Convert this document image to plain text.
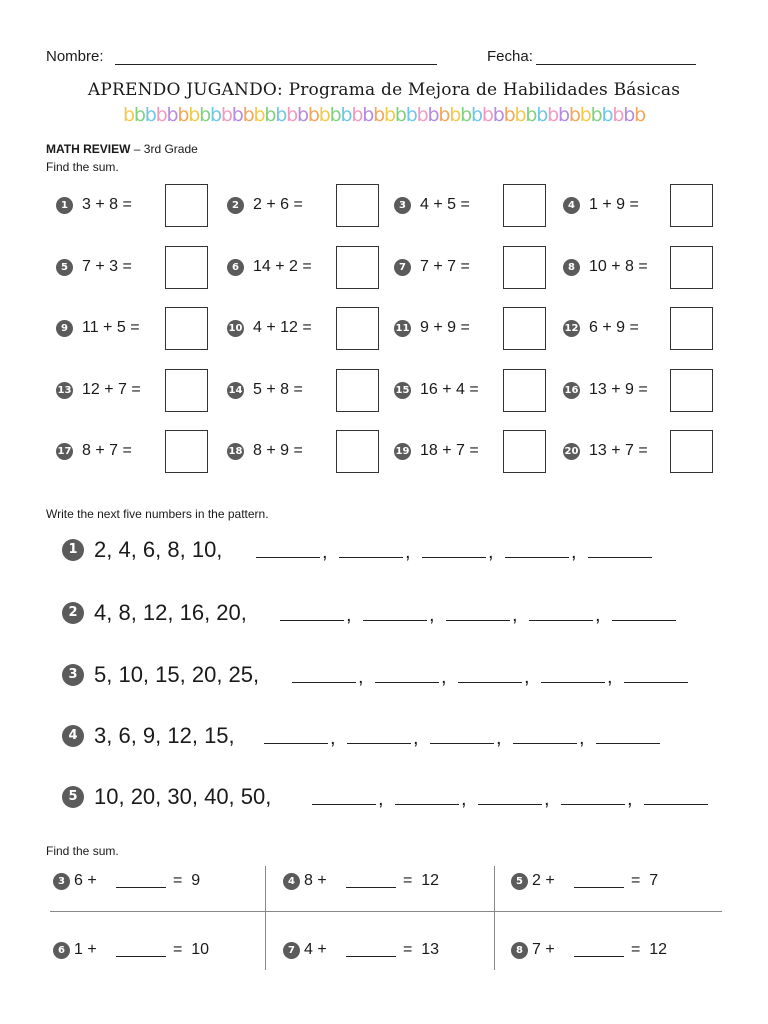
Nombre:	Fecha:
APRENDO JUGANDO: Programa de Mejora de Habilidades Básicas
bbbbbbbbbbbbbbbbbbbbbbbbbbbbbbbbbbbbbbbbbbbbbbbb
MATH REVIEW – 3rd Grade
Find the sum.
1 3 + 8 =	2 2 + 6 =	3 4 + 5 =	4 1 + 9 =
5 7 + 3 =	6 14 + 2 =	7 7 + 7 =	8 10 + 8 =
9 11 + 5 =	10 4 + 12 =	11 9 + 9 =	12 6 + 9 =
13 12 + 7 =	14 5 + 8 =	15 16 + 4 =	16 13 + 9 =
17 8 + 7 =	18 8 + 9 =	19 18 + 7 =	20 13 + 7 =
Write the next five numbers in the pattern.
1 2, 4, 6, 8, 10,	,	,	,	,
2 4, 8, 12, 16, 20,	,	,	,	,
3 5, 10, 15, 20, 25,	,	,	,	,
4 3, 6, 9, 12, 15,	,	,	,	,
5 10, 20, 30, 40, 50,	,	,	,	,
Find the sum.
3 6 +	=  9	4 8 +	=  12	5 2 +	=  7
6 1 +	=  10	7 4 +	=  13	8 7 +	=  12
